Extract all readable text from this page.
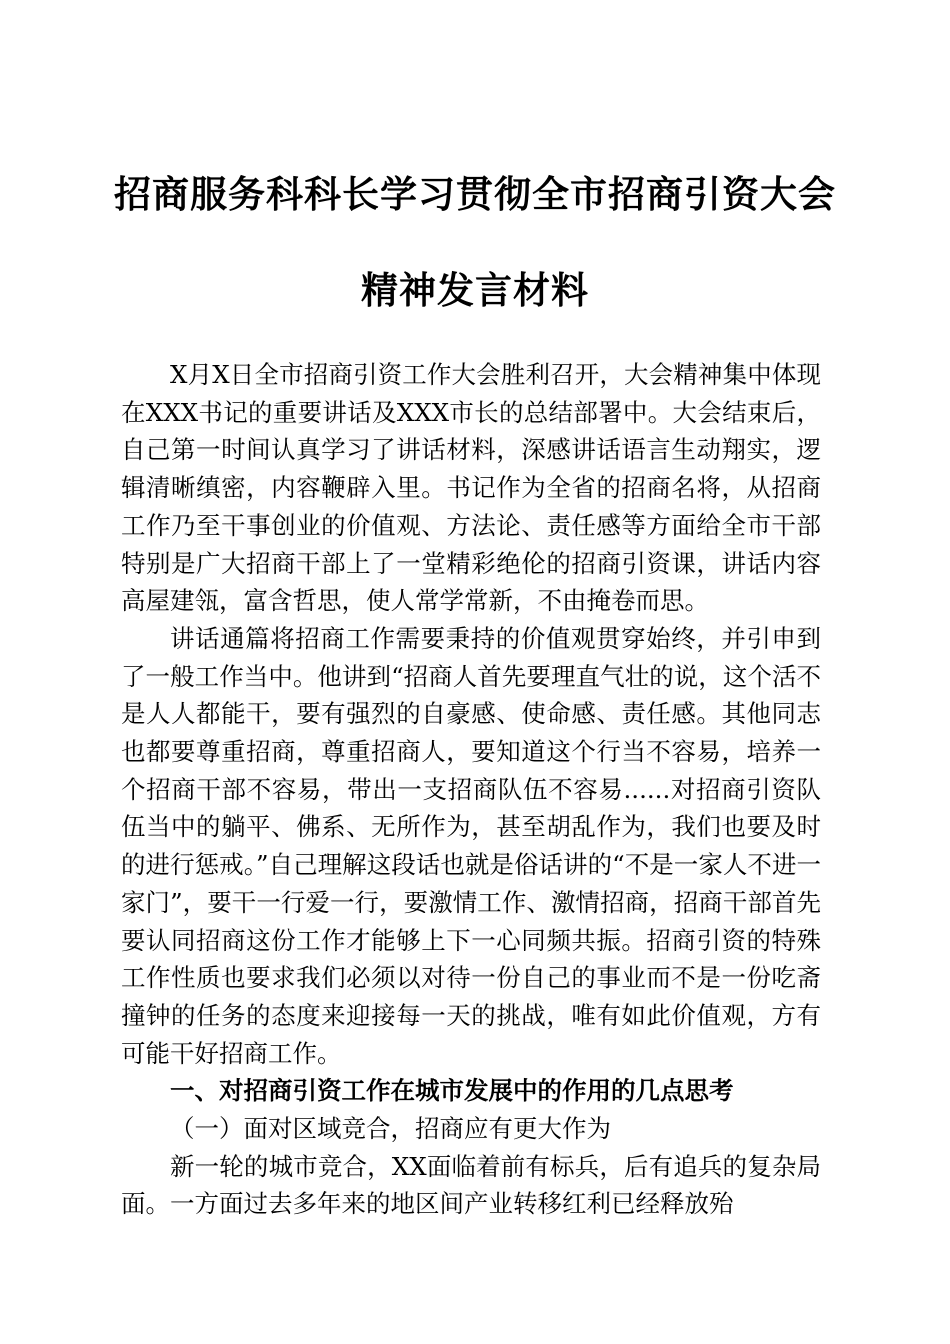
招商服务科科长学习贯彻全市招商引资大会精神发言材料

X月X日全市招商引资工作大会胜利召开，大会精神集中体现在XXX书记的重要讲话及XXX市长的总结部署中。大会结束后，自己第一时间认真学习了讲话材料，深感讲话语言生动翔实，逻辑清晰缜密，内容鞭辟入里。书记作为全省的招商名将，从招商工作乃至干事创业的价值观、方法论、责任感等方面给全市干部特别是广大招商干部上了一堂精彩绝伦的招商引资课，讲话内容高屋建瓴，富含哲思，使人常学常新，不由掩卷而思。

讲话通篇将招商工作需要秉持的价值观贯穿始终，并引申到了一般工作当中。他讲到“招商人首先要理直气壮的说，这个活不是人人都能干，要有强烈的自豪感、使命感、责任感。其他同志也都要尊重招商，尊重招商人，要知道这个行当不容易，培养一个招商干部不容易，带出一支招商队伍不容易......对招商引资队伍当中的躺平、佛系、无所作为，甚至胡乱作为，我们也要及时的进行惩戒。”自己理解这段话也就是俗话讲的“不是一家人不进一家门”，要干一行爱一行，要激情工作、激情招商，招商干部首先要认同招商这份工作才能够上下一心同频共振。招商引资的特殊工作性质也要求我们必须以对待一份自己的事业而不是一份吃斋撞钟的任务的态度来迎接每一天的挑战，唯有如此价值观，方有可能干好招商工作。

一、对招商引资工作在城市发展中的作用的几点思考

（一）面对区域竞合，招商应有更大作为

新一轮的城市竞合，XX面临着前有标兵，后有追兵的复杂局面。一方面过去多年来的地区间产业转移红利已经释放殆
